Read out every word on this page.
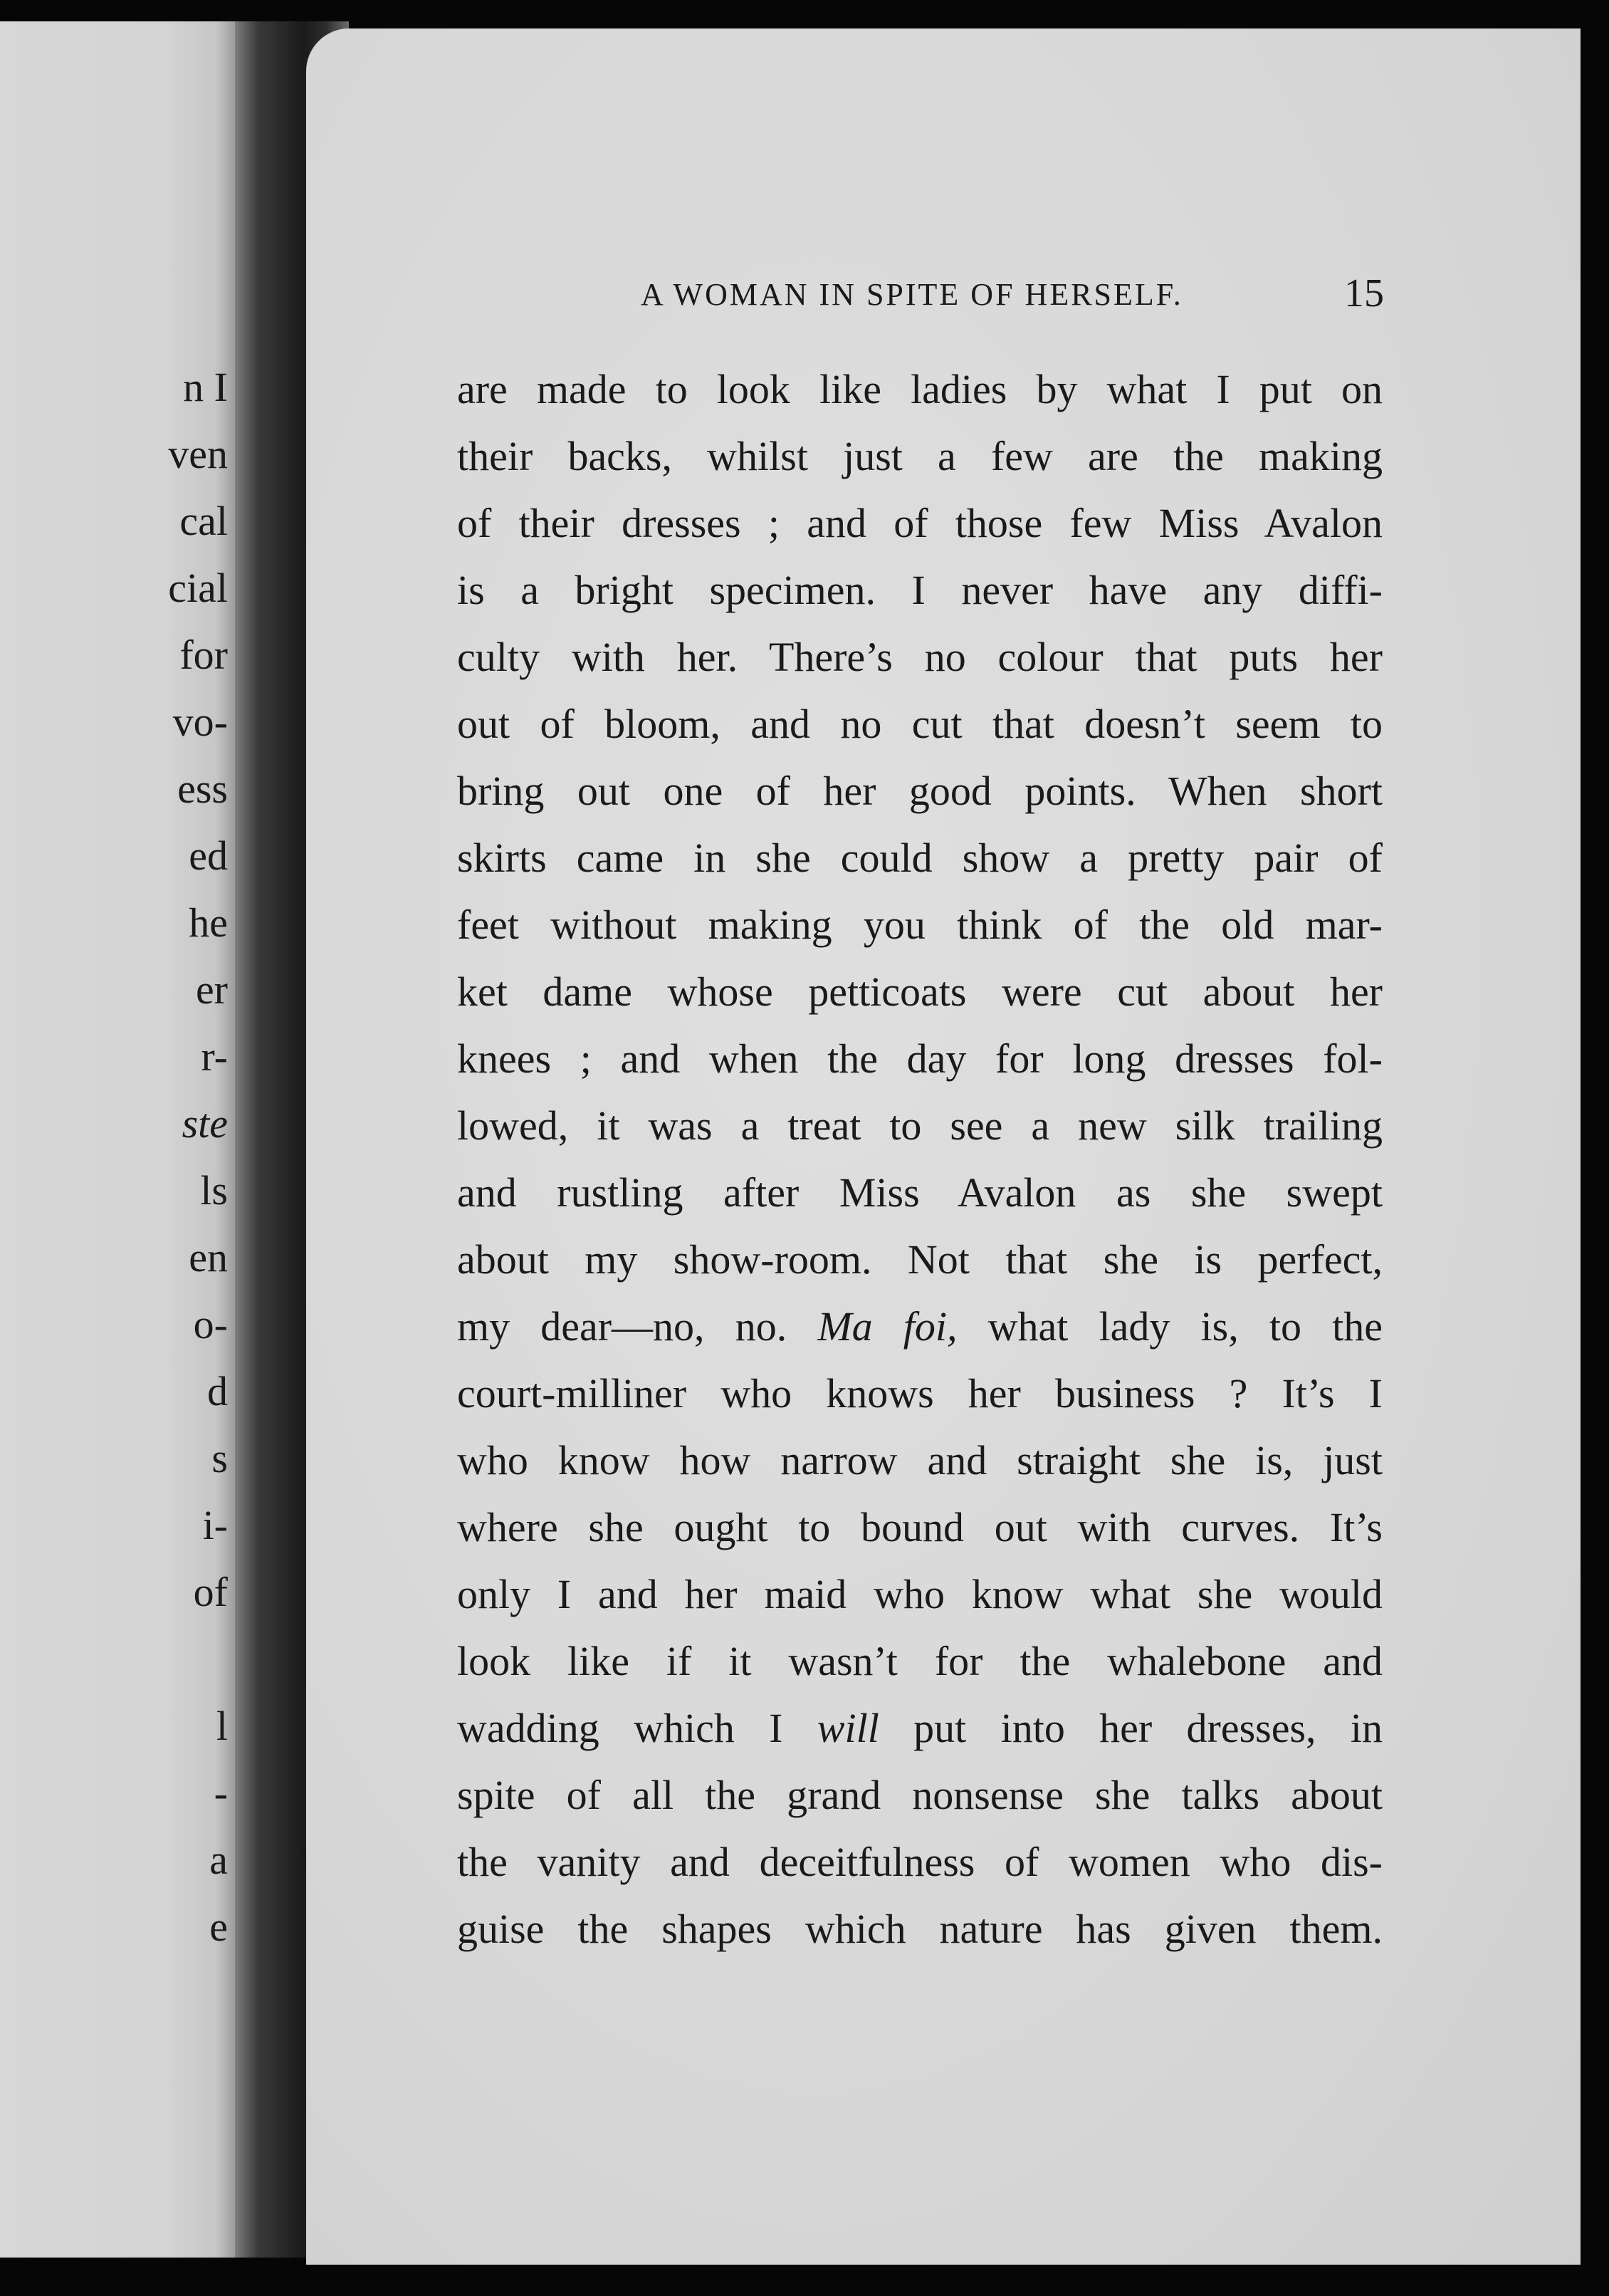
n I
ven
cal
cial
for
vo-
ess
ed
he
er
r-
ste
ls
en
o-
d
s
i-
of
l
-
a
e
A WOMAN IN SPITE OF HERSELF.	15
are made to look like ladies by what I put on
their backs, whilst just a few are the making
of their dresses ; and of those few Miss Avalon
is a bright specimen. I never have any diffi-
culty with her. There’s no colour that puts her
out of bloom, and no cut that doesn’t seem to
bring out one of her good points. When short
skirts came in she could show a pretty pair of
feet without making you think of the old mar-
ket dame whose petticoats were cut about her
knees ; and when the day for long dresses fol-
lowed, it was a treat to see a new silk trailing
and rustling after Miss Avalon as she swept
about my show-room. Not that she is perfect,
my dear—no, no. Ma foi, what lady is, to the
court-milliner who knows her business ? It’s I
who know how narrow and straight she is, just
where she ought to bound out with curves. It’s
only I and her maid who know what she would
look like if it wasn’t for the whalebone and
wadding which I will put into her dresses, in
spite of all the grand nonsense she talks about
the vanity and deceitfulness of women who dis-
guise the shapes which nature has given them.
